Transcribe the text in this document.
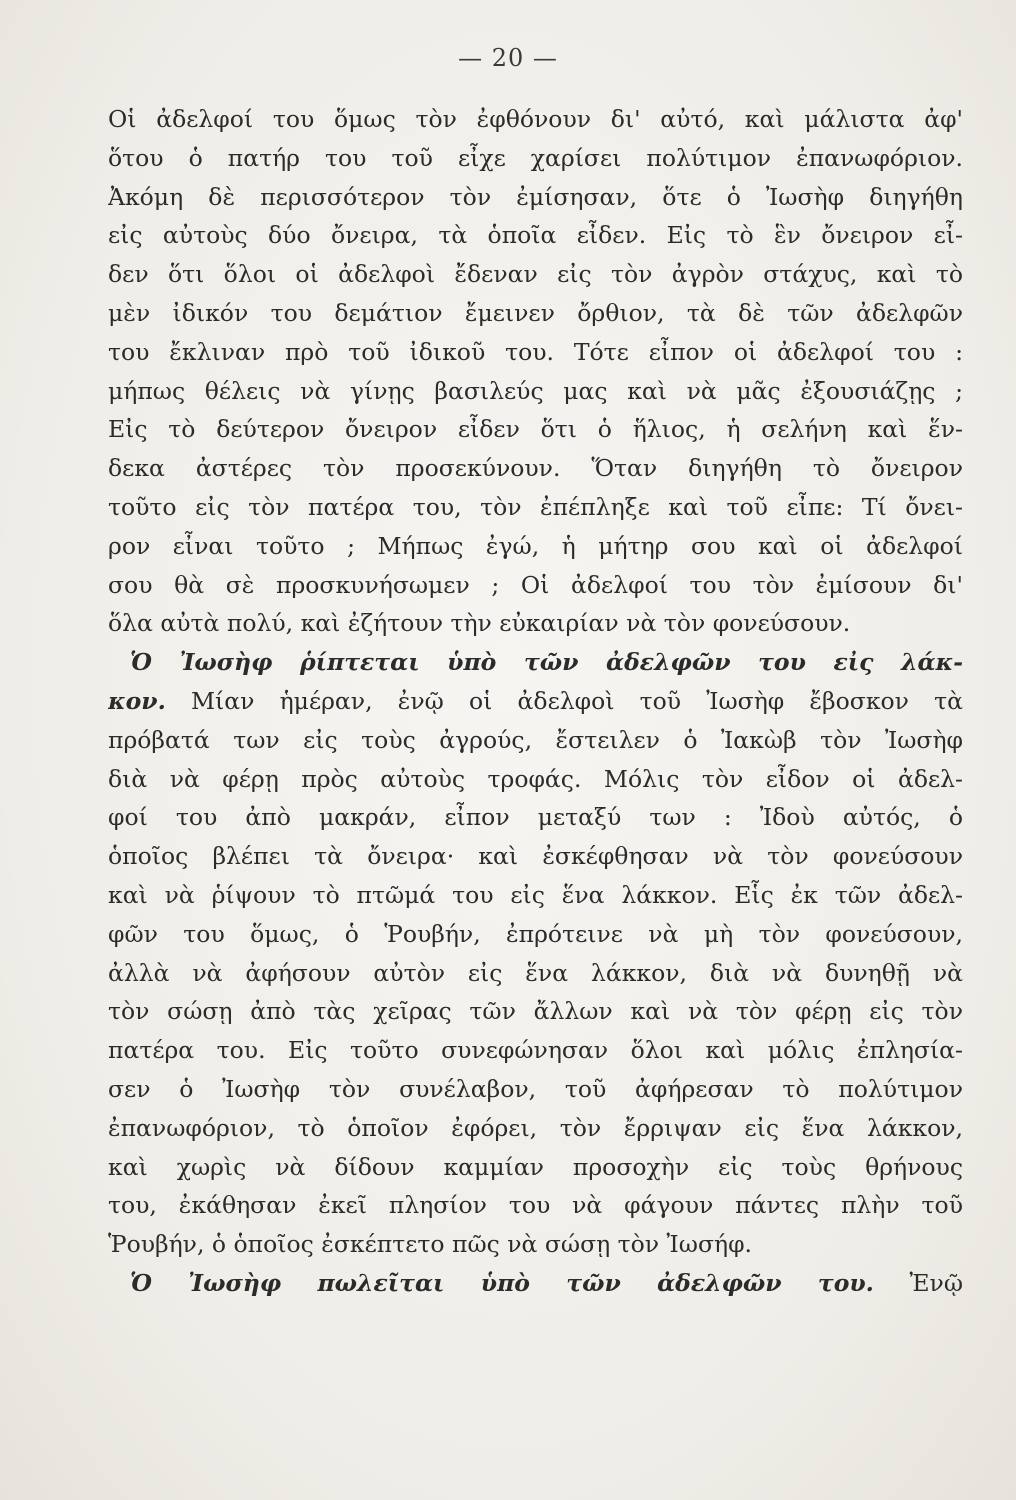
— 20 —
Οἱ ἀδελφοί του ὅμως τὸν ἐφθόνουν δι' αὐτό, καὶ μάλιστα ἀφ'
ὅτου ὁ πατήρ του τοῦ εἶχε χαρίσει πολύτιμον ἐπανωφόριον.
Ἀκόμη δὲ περισσότερον τὸν ἐμίσησαν, ὅτε ὁ Ἰωσὴφ διηγήθη
εἰς αὐτοὺς δύο ὄνειρα, τὰ ὁποῖα εἶδεν. Εἰς τὸ ἓν ὄνειρον εἶ-
δεν ὅτι ὅλοι οἱ ἀδελφοὶ ἔδεναν εἰς τὸν ἀγρὸν στάχυς, καὶ τὸ
μὲν ἰδικόν του δεμάτιον ἔμεινεν ὄρθιον, τὰ δὲ τῶν ἀδελφῶν
του ἔκλιναν πρὸ τοῦ ἰδικοῦ του. Τότε εἶπον οἱ ἀδελφοί του :
μήπως θέλεις νὰ γίνῃς βασιλεύς μας καὶ νὰ μᾶς ἐξουσιάζῃς ;
Εἰς τὸ δεύτερον ὄνειρον εἶδεν ὅτι ὁ ἥλιος, ἡ σελήνη καὶ ἕν-
δεκα ἀστέρες τὸν προσεκύνουν. Ὅταν διηγήθη τὸ ὄνειρον
τοῦτο εἰς τὸν πατέρα του, τὸν ἐπέπληξε καὶ τοῦ εἶπε: Τί ὄνει-
ρον εἶναι τοῦτο ; Μήπως ἐγώ, ἡ μήτηρ σου καὶ οἱ ἀδελφοί
σου θὰ σὲ προσκυνήσωμεν ; Οἱ ἀδελφοί του τὸν ἐμίσουν δι'
ὅλα αὐτὰ πολύ, καὶ ἐζήτουν τὴν εὐκαιρίαν νὰ τὸν φονεύσουν.
Ὁ Ἰωσὴφ ῥίπτεται ὑπὸ τῶν ἀδελφῶν του εἰς λάκ-
κον. Μίαν ἡμέραν, ἐνῷ οἱ ἀδελφοὶ τοῦ Ἰωσὴφ ἔβοσκον τὰ
πρόβατά των εἰς τοὺς ἀγρούς, ἔστειλεν ὁ Ἰακὼβ τὸν Ἰωσὴφ
διὰ νὰ φέρῃ πρὸς αὐτοὺς τροφάς. Μόλις τὸν εἶδον οἱ ἀδελ-
φοί του ἀπὸ μακράν, εἶπον μεταξύ των : Ἰδοὺ αὐτός, ὁ
ὁποῖος βλέπει τὰ ὄνειρα· καὶ ἐσκέφθησαν νὰ τὸν φονεύσουν
καὶ νὰ ῥίψουν τὸ πτῶμά του εἰς ἕνα λάκκον. Εἷς ἐκ τῶν ἀδελ-
φῶν του ὅμως, ὁ Ῥουβήν, ἐπρότεινε νὰ μὴ τὸν φονεύσουν,
ἀλλὰ νὰ ἀφήσουν αὐτὸν εἰς ἕνα λάκκον, διὰ νὰ δυνηθῇ νὰ
τὸν σώσῃ ἀπὸ τὰς χεῖρας τῶν ἄλλων καὶ νὰ τὸν φέρῃ εἰς τὸν
πατέρα του. Εἰς τοῦτο συνεφώνησαν ὅλοι καὶ μόλις ἐπλησία-
σεν ὁ Ἰωσὴφ τὸν συνέλαβον, τοῦ ἀφήρεσαν τὸ πολύτιμον
ἐπανωφόριον, τὸ ὁποῖον ἐφόρει, τὸν ἔρριψαν εἰς ἕνα λάκκον,
καὶ χωρὶς νὰ δίδουν καμμίαν προσοχὴν εἰς τοὺς θρήνους
του, ἐκάθησαν ἐκεῖ πλησίον του νὰ φάγουν πάντες πλὴν τοῦ
Ῥουβήν, ὁ ὁποῖος ἐσκέπτετο πῶς νὰ σώσῃ τὸν Ἰωσήφ.
Ὁ Ἰωσὴφ πωλεῖται ὑπὸ τῶν ἀδελφῶν του. Ἐνῷ
